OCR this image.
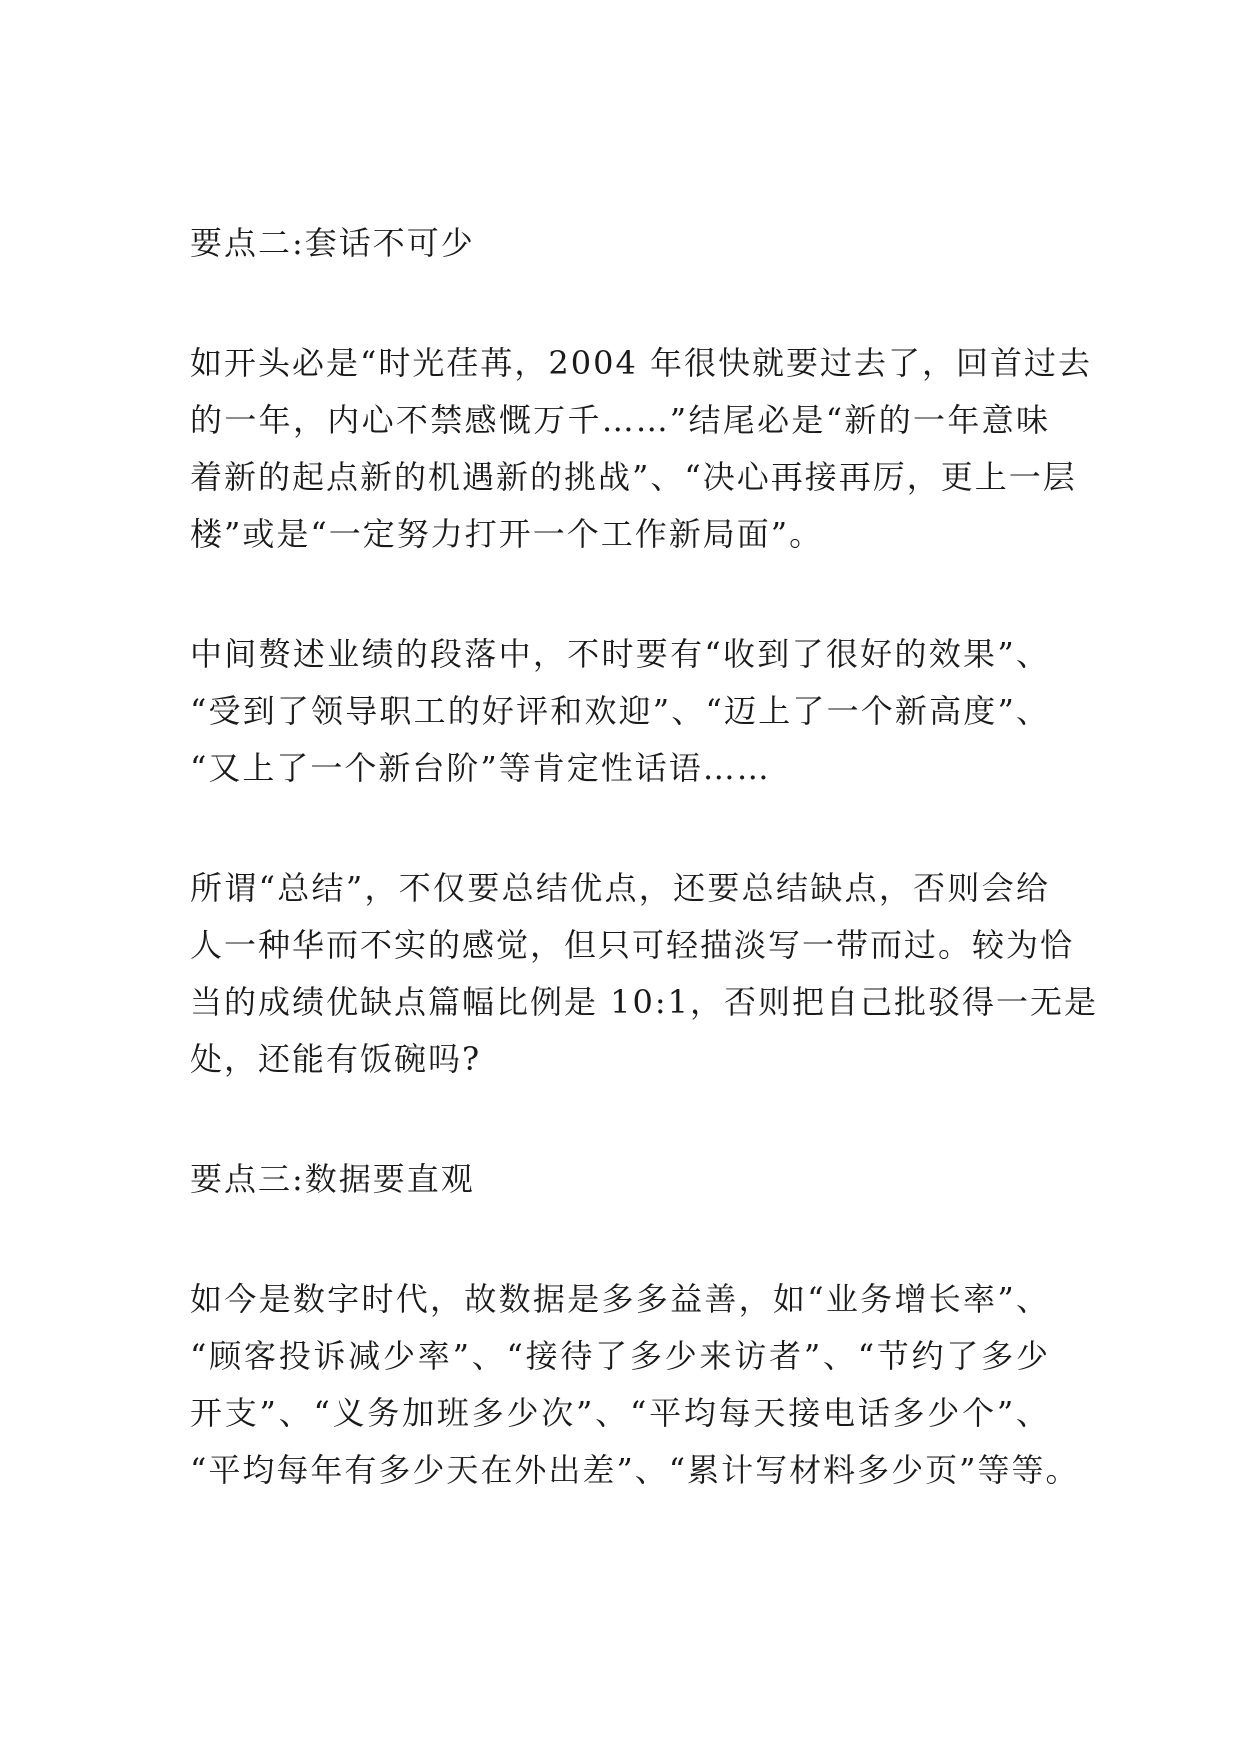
要点二:套话不可少
如开头必是“时光荏苒，2004 年很快就要过去了，回首过去
的一年，内心不禁感慨万千……”结尾必是“新的一年意味
着新的起点新的机遇新的挑战”、“决心再接再厉，更上一层
楼”或是“一定努力打开一个工作新局面”。
中间赘述业绩的段落中，不时要有“收到了很好的效果”、
“受到了领导职工的好评和欢迎”、“迈上了一个新高度”、
“又上了一个新台阶”等肯定性话语……
所谓“总结”，不仅要总结优点，还要总结缺点，否则会给
人一种华而不实的感觉，但只可轻描淡写一带而过。较为恰
当的成绩优缺点篇幅比例是 10:1，否则把自己批驳得一无是
处，还能有饭碗吗?
要点三:数据要直观
如今是数字时代，故数据是多多益善，如“业务增长率”、
“顾客投诉减少率”、“接待了多少来访者”、“节约了多少
开支”、“义务加班多少次”、“平均每天接电话多少个”、
“平均每年有多少天在外出差”、“累计写材料多少页”等等。
